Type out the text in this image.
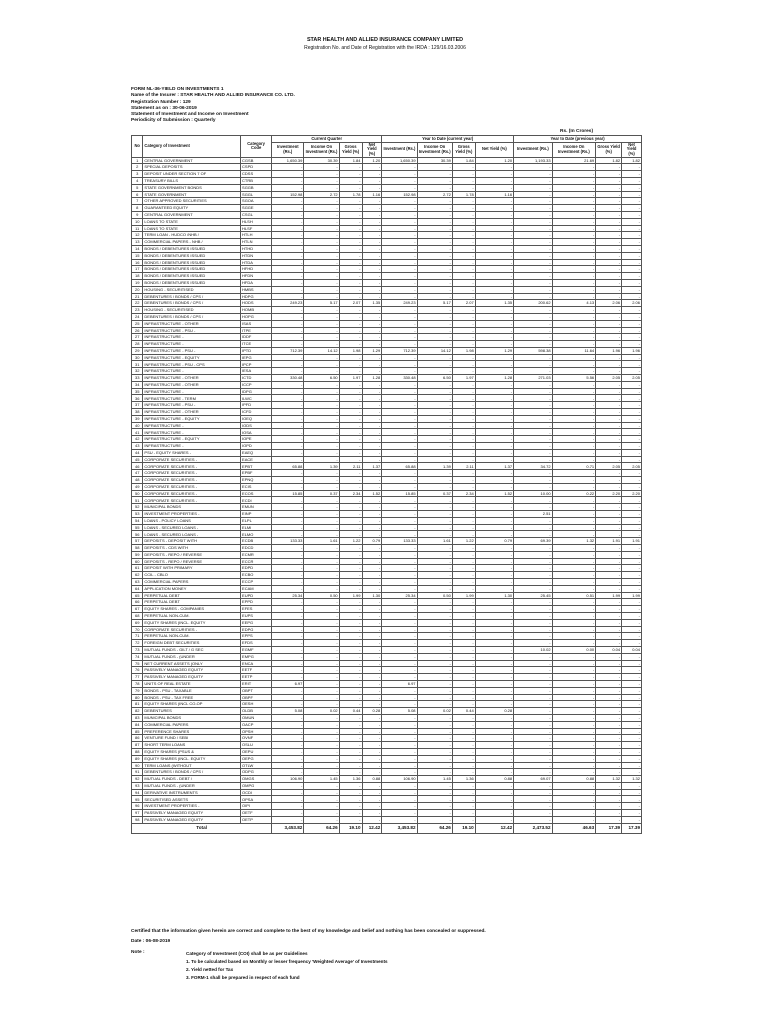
STAR HEALTH AND ALLIED INSURANCE COMPANY LIMITED
Registration No. and Date of Registration with the IRDA : 129/16.03.2006
FORM NL-36-YIELD ON INVESTMENTS 1
Name of the Insurer : STAR HEALTH AND ALLIED INSURANCE CO. LTD.
Registration Number : 129
Statement as on : 30-06-2019
Statement of Investment and Income on Investment
Periodicity of Submission : Quarterly
Rs. (In Crores)
No	Category of Investment	Category Code	Current Quarter				Year to Date (current year)				Year to Date (previous year)			
			Investment (Rs.)	Income On Investment (Rs.)	Gross Yield (%)	Net Yield (%)	Investment (Rs.)	Income On Investment (Rs.)	Gross Yield (%)	Net Yield (%)	Investment (Rs.)	Income On Investment (Rs.)	Gross Yield (%)	Net Yield (%)
1	CENTRAL GOVERNMENT	CGSB	1,650.39	30.39	1.84	1.20	1,650.39	30.39	1.84	1.20	1,193.33	21.69	1.82	1.82
2	SPECIAL DEPOSITS	CSPD	-	-	-	-	-	-	-	-	-	-	-	-
3	DEPOSIT UNDER SECTION 7 OF	CDSS	-	-	-	-	-	-	-	-	-	-	-	-
4	TREASURY BILLS	CTRB	-	-	-	-	-	-	-	-	-	-	-	-
5	STATE GOVERNMENT BONDS	SGGB	-	-	-	-	-	-	-	-	-	-	-	-
6	STATE GOVERNMENT	SGGL	152.98	2.72	1.78	1.16	152.98	2.72	1.78	1.16	-	-	-	-
7	OTHER APPROVED SECURITIES	SGOA	-	-	-	-	-	-	-	-	-	-	-	-
8	GUARANTEED EQUITY	SGGE	-	-	-	-	-	-	-	-	-	-	-	-
9	CENTRAL GOVERNMENT	CSGL	-	-	-	-	-	-	-	-	-	-	-	-
10	LOANS TO STATE	HLSH	-	-	-	-	-	-	-	-	-	-	-	-
11	LOANS TO STATE	HLSF	-	-	-	-	-	-	-	-	-	-	-	-
12	TERM LOAN - HUDCO /NHB /	HTLH	-	-	-	-	-	-	-	-	-	-	-	-
13	COMMERCIAL PAPERS - NHB /	HTLN	-	-	-	-	-	-	-	-	-	-	-	-
14	BONDS / DEBENTURES ISSUED	HTHD	-	-	-	-	-	-	-	-	-	-	-	-
15	BONDS / DEBENTURES ISSUED	HTDN	-	-	-	-	-	-	-	-	-	-	-	-
16	BONDS / DEBENTURES ISSUED	HTDA	-	-	-	-	-	-	-	-	-	-	-	-
17	BONDS / DEBENTURES ISSUED	HFHD	-	-	-	-	-	-	-	-	-	-	-	-
18	BONDS / DEBENTURES ISSUED	HFDN	-	-	-	-	-	-	-	-	-	-	-	-
19	BONDS / DEBENTURES ISSUED	HFDA	-	-	-	-	-	-	-	-	-	-	-	-
20	HOUSING - SECURITISED	HMBS	-	-	-	-	-	-	-	-	-	-	-	-
21	DEBENTURES / BONDS / CPS /	HDPG	-	-	-	-	-	-	-	-	-	-	-	-
22	DEBENTURES / BONDS / CPS /	HODS	249.23	5.17	2.07	1.35	249.23	5.17	2.07	1.35	200.62	4.13	2.06	2.06
23	HOUSING - SECURITISED	HOMB	-	-	-	-	-	-	-	-	-	-	-	-
24	DEBENTURES / BONDS / CPS /	HOPG	-	-	-	-	-	-	-	-	-	-	-	-
25	INFRASTRUCTURE - OTHER	ISAS	-	-	-	-	-	-	-	-	-	-	-	-
26	INFRASTRUCTURE - PSU -	ITPE	-	-	-	-	-	-	-	-	-	-	-	-
27	INFRASTRUCTURE -	IDDF	-	-	-	-	-	-	-	-	-	-	-	-
28	INFRASTRUCTURE -	ITCE	-	-	-	-	-	-	-	-	-	-	-	-
29	INFRASTRUCTURE - PSU -	IPTD	712.39	14.12	1.98	1.29	712.39	14.12	1.98	1.29	598.38	11.64	1.96	1.96
30	INFRASTRUCTURE - EQUITY	IEPG	-	-	-	-	-	-	-	-	-	-	-	-
31	INFRASTRUCTURE - PSU - CPS	IPCP	-	-	-	-	-	-	-	-	-	-	-	-
32	INFRASTRUCTURE -	IESA	-	-	-	-	-	-	-	-	-	-	-	-
33	INFRASTRUCTURE - OTHER	ICTD	330.48	6.50	1.97	1.28	330.48	6.50	1.97	1.28	271.03	5.56	2.05	2.05
34	INFRASTRUCTURE - OTHER	ICCP	-	-	-	-	-	-	-	-	-	-	-	-
35	INFRASTRUCTURE -	IDPG	-	-	-	-	-	-	-	-	-	-	-	-
36	INFRASTRUCTURE - TERM	ILWC	-	-	-	-	-	-	-	-	-	-	-	-
37	INFRASTRUCTURE - PSU -	IPFD	-	-	-	-	-	-	-	-	-	-	-	-
38	INFRASTRUCTURE - OTHER	ICFD	-	-	-	-	-	-	-	-	-	-	-	-
39	INFRASTRUCTURE - EQUITY	IOEQ	-	-	-	-	-	-	-	-	-	-	-	-
40	INFRASTRUCTURE -	IODS	-	-	-	-	-	-	-	-	-	-	-	-
41	INFRASTRUCTURE -	IOSA	-	-	-	-	-	-	-	-	-	-	-	-
42	INFRASTRUCTURE - EQUITY	IOPE	-	-	-	-	-	-	-	-	-	-	-	-
43	INFRASTRUCTURE -	IOPD	-	-	-	-	-	-	-	-	-	-	-	-
44	PSU - EQUITY SHARES -	EAEQ	-	-	-	-	-	-	-	-	-	-	-	-
45	CORPORATE SECURITIES -	EACE	-	-	-	-	-	-	-	-	-	-	-	-
46	CORPORATE SECURITIES -	EPBT	65.88	1.39	2.11	1.37	65.88	1.39	2.11	1.37	34.72	0.71	2.05	2.05
47	CORPORATE SECURITIES -	EPBF	-	-	-	-	-	-	-	-	-	-	-	-
48	CORPORATE SECURITIES -	EPNQ	-	-	-	-	-	-	-	-	-	-	-	-
49	CORPORATE SECURITIES -	ECIS	-	-	-	-	-	-	-	-	-	-	-	-
50	CORPORATE SECURITIES -	ECOS	15.85	0.37	2.34	1.52	15.85	0.37	2.34	1.52	10.00	0.22	2.20	2.20
51	CORPORATE SECURITIES -	ECDI	-	-	-	-	-	-	-	-	-	-	-	-
52	MUNICIPAL BONDS	EMUN	-	-	-	-	-	-	-	-	-	-	-	-
53	INVESTMENT PROPERTIES -	EINP	-	-	-	-	-	-	-	-	2.51	-	-	-
54	LOANS - POLICY LOANS	ELPL	-	-	-	-	-	-	-	-	-	-	-	-
55	LOANS - SECURED LOANS -	ELMI	-	-	-	-	-	-	-	-	-	-	-	-
56	LOANS - SECURED LOANS -	ELMO	-	-	-	-	-	-	-	-	-	-	-	-
57	DEPOSITS - DEPOSIT WITH	ECDB	133.33	1.61	1.22	0.79	133.33	1.61	1.22	0.79	69.39	1.32	1.91	1.91
58	DEPOSITS - CDS WITH	EDCD	-	-	-	-	-	-	-	-	-	-	-	-
59	DEPOSITS - REPO / REVERSE	ECMR	-	-	-	-	-	-	-	-	-	-	-	-
60	DEPOSITS - REPO / REVERSE	ECCR	-	-	-	-	-	-	-	-	-	-	-	-
61	DEPOSIT WITH PRIMARY	EDPD	-	-	-	-	-	-	-	-	-	-	-	-
62	CCIL - CBLO	ECBO	-	-	-	-	-	-	-	-	-	-	-	-
63	COMMERCIAL PAPERS	ECCP	-	-	-	-	-	-	-	-	-	-	-	-
64	APPLICATION MONEY	ECAM	-	-	-	-	-	-	-	-	-	-	-	-
65	PERPETUAL DEBT	EUPD	25.34	0.50	1.99	1.30	25.34	0.50	1.99	1.30	25.45	0.51	1.99	1.99
66	PERPETUAL DEBT	EPPD	-	-	-	-	-	-	-	-	-	-	-	-
67	EQUITY SHARES - COMPANIES	EFES	-	-	-	-	-	-	-	-	-	-	-	-
68	PERPETUAL NON-CUM.	EUPS	-	-	-	-	-	-	-	-	-	-	-	-
69	EQUITY SHARES (INCL. EQUITY	EEPG	-	-	-	-	-	-	-	-	-	-	-	-
70	CORPORATE SECURITIES -	EDPG	-	-	-	-	-	-	-	-	-	-	-	-
71	PERPETUAL NON-CUM.	EPPS	-	-	-	-	-	-	-	-	-	-	-	-
72	FOREIGN DEBT SECURITIES	EFDS	-	-	-	-	-	-	-	-	-	-	-	-
73	MUTUAL FUNDS - GILT / G SEC	EGMF	-	-	-	-	-	-	-	-	10.02	0.00	0.04	0.04
74	MUTUAL FUNDS - (UNDER	EMPG	-	-	-	-	-	-	-	-	-	-	-	-
75	NET CURRENT ASSETS (ONLY	ENCA	-	-	-	-	-	-	-	-	-	-	-	-
76	PASSIVELY MANAGED EQUITY	EETF	-	-	-	-	-	-	-	-	-	-	-	-
77	PASSIVELY MANAGED EQUITY	EETP	-	-	-	-	-	-	-	-	-	-	-	-
78	UNITS OF REAL ESTATE	ERIT	6.97	-	-	-	6.97	-	-	-	-	-	-	-
79	BONDS - PSU - TAXABLE	OBPT	-	-	-	-	-	-	-	-	-	-	-	-
80	BONDS - PSU - TAX FREE	OBPF	-	-	-	-	-	-	-	-	-	-	-	-
81	EQUITY SHARES (INCL CO-OP	OESH	-	-	-	-	-	-	-	-	-	-	-	-
82	DEBENTURES	OLDB	5.08	0.02	0.44	0.28	5.08	0.02	0.44	0.28	-	-	-	-
83	MUNICIPAL BONDS	OMUN	-	-	-	-	-	-	-	-	-	-	-	-
84	COMMERCIAL PAPERS	OACP	-	-	-	-	-	-	-	-	-	-	-	-
85	PREFERENCE SHARES	OPSH	-	-	-	-	-	-	-	-	-	-	-	-
86	VENTURE FUND / SEBI	OVNF	-	-	-	-	-	-	-	-	-	-	-	-
87	SHORT TERM LOANS	OSLU	-	-	-	-	-	-	-	-	-	-	-	-
88	EQUITY SHARES (PSUS &	OEPU	-	-	-	-	-	-	-	-	-	-	-	-
89	EQUITY SHARES (INCL. EQUITY	OEPG	-	-	-	-	-	-	-	-	-	-	-	-
90	TERM LOANS (WITHOUT	OTLW	-	-	-	-	-	-	-	-	-	-	-	-
91	DEBENTURES / BONDS / CPS /	ODPG	-	-	-	-	-	-	-	-	-	-	-	-
92	MUTUAL FUNDS - DEBT /	OMGS	106.90	1.45	1.36	0.88	106.90	1.45	1.36	0.88	69.07	0.88	1.32	1.32
93	MUTUAL FUNDS - (UNDER	OMPG	-	-	-	-	-	-	-	-	-	-	-	-
94	DERIVATIVE INSTRUMENTS	OCDI	-	-	-	-	-	-	-	-	-	-	-	-
95	SECURITISED ASSETS	OPSA	-	-	-	-	-	-	-	-	-	-	-	-
96	INVESTMENT PROPERTIES -	OIPI	-	-	-	-	-	-	-	-	-	-	-	-
97	PASSIVELY MANAGED EQUITY	OETF	-	-	-	-	-	-	-	-	-	-	-	-
98	PASSIVELY MANAGED EQUITY	OETP	-	-	-	-	-	-	-	-	-	-	-	-
Total			3,453.82	64.26	19.10	12.42	3,453.82	64.26	19.10	12.42	2,473.52	46.63	17.39	17.39
Certified that the information given herein are correct and complete to the best of my knowledge and belief and nothing has been concealed or suppressed.
Date : 06-08-2019
Note :	Category of Investment (COI) shall be as per Guidelines
1. To be calculated based on Monthly or lesser frequency 'Weighted Average' of Investments
2. Yield netted for Tax
3. FORM-1 shall be prepared in respect of each fund
